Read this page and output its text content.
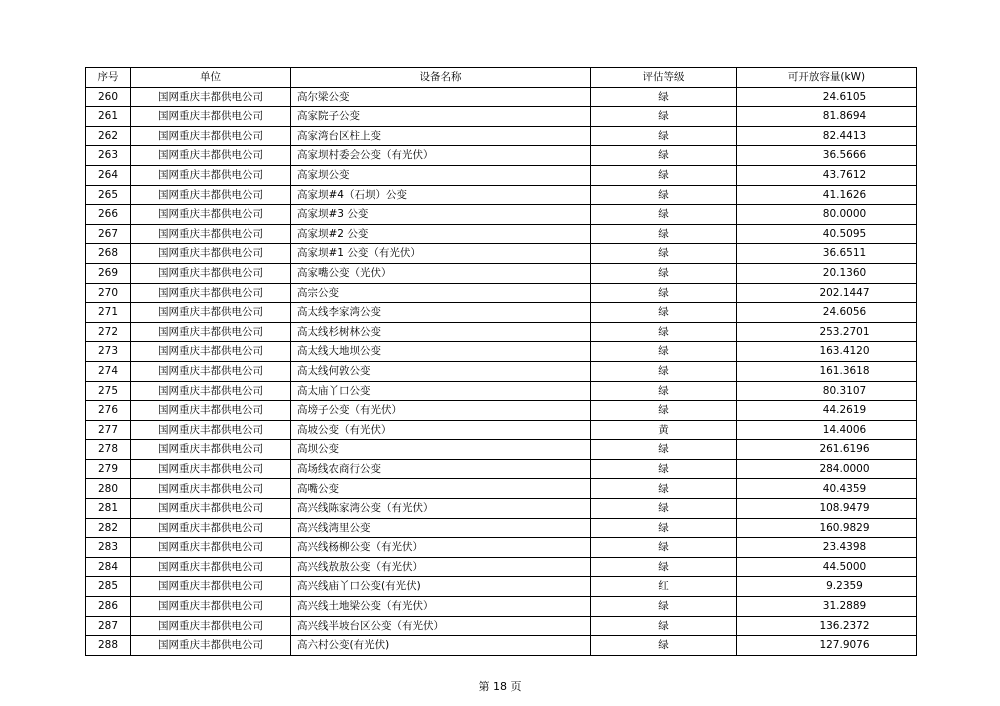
序号	单位	设备名称	评估等级	可开放容量(kW)
260	国网重庆丰都供电公司	高尔梁公变	绿	24.6105
261	国网重庆丰都供电公司	高家院子公变	绿	81.8694
262	国网重庆丰都供电公司	高家湾台区柱上变	绿	82.4413
263	国网重庆丰都供电公司	高家坝村委会公变（有光伏）	绿	36.5666
264	国网重庆丰都供电公司	高家坝公变	绿	43.7612
265	国网重庆丰都供电公司	高家坝#4（石坝）公变	绿	41.1626
266	国网重庆丰都供电公司	高家坝#3 公变	绿	80.0000
267	国网重庆丰都供电公司	高家坝#2 公变	绿	40.5095
268	国网重庆丰都供电公司	高家坝#1 公变（有光伏）	绿	36.6511
269	国网重庆丰都供电公司	高家嘴公变（光伏）	绿	20.1360
270	国网重庆丰都供电公司	高宗公变	绿	202.1447
271	国网重庆丰都供电公司	高太线李家湾公变	绿	24.6056
272	国网重庆丰都供电公司	高太线杉树林公变	绿	253.2701
273	国网重庆丰都供电公司	高太线大地坝公变	绿	163.4120
274	国网重庆丰都供电公司	高太线何敦公变	绿	161.3618
275	国网重庆丰都供电公司	高太庙丫口公变	绿	80.3107
276	国网重庆丰都供电公司	高塝子公变（有光伏）	绿	44.2619
277	国网重庆丰都供电公司	高坡公变（有光伏）	黄	14.4006
278	国网重庆丰都供电公司	高坝公变	绿	261.6196
279	国网重庆丰都供电公司	高场线农商行公变	绿	284.0000
280	国网重庆丰都供电公司	高嘴公变	绿	40.4359
281	国网重庆丰都供电公司	高兴线陈家湾公变（有光伏）	绿	108.9479
282	国网重庆丰都供电公司	高兴线湾里公变	绿	160.9829
283	国网重庆丰都供电公司	高兴线杨柳公变（有光伏）	绿	23.4398
284	国网重庆丰都供电公司	高兴线敖敖公变（有光伏）	绿	44.5000
285	国网重庆丰都供电公司	高兴线庙丫口公变(有光伏)	红	9.2359
286	国网重庆丰都供电公司	高兴线土地梁公变（有光伏）	绿	31.2889
287	国网重庆丰都供电公司	高兴线半坡台区公变（有光伏）	绿	136.2372
288	国网重庆丰都供电公司	高六村公变(有光伏)	绿	127.9076
第 18 页
